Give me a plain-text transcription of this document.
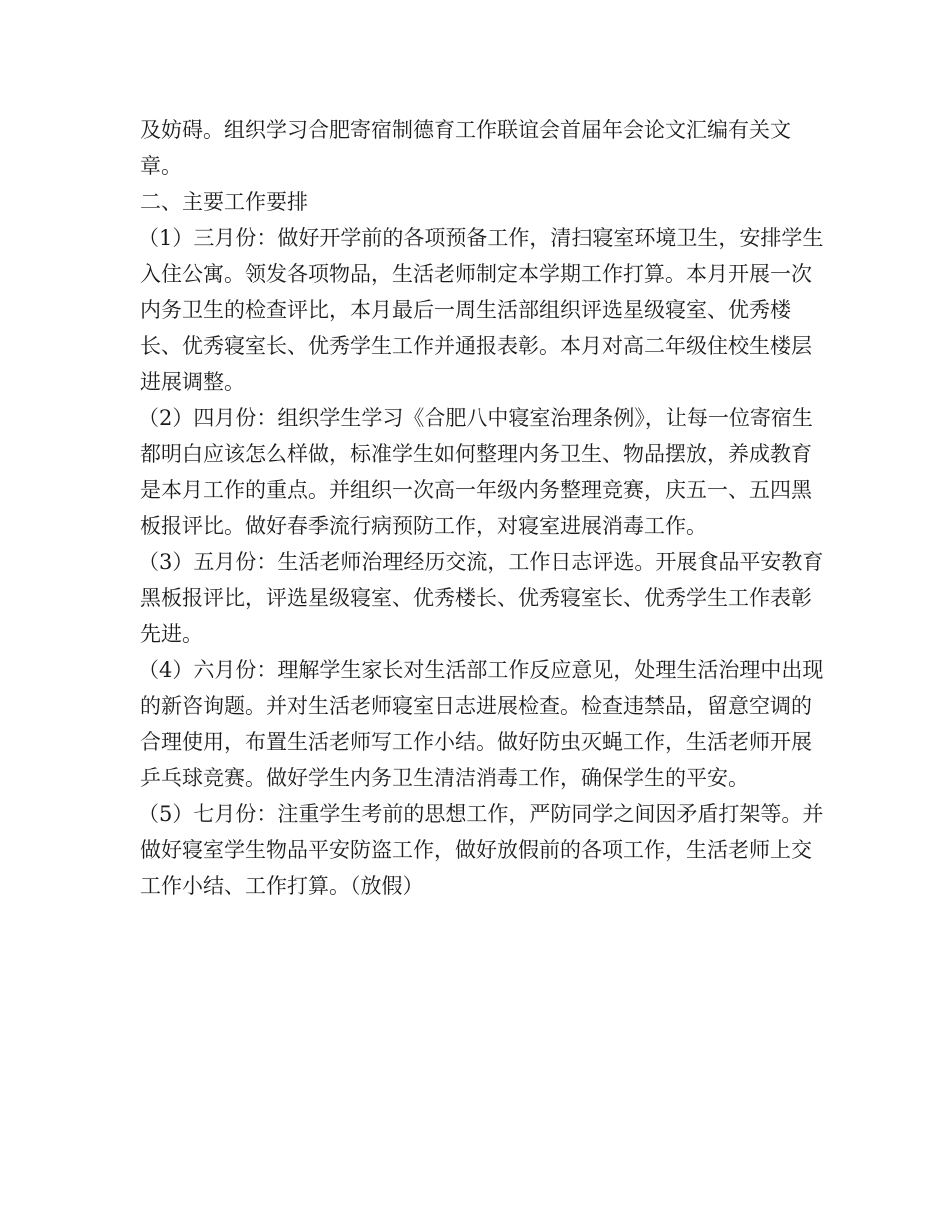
及妨碍。组织学习合肥寄宿制德育工作联谊会首届年会论文汇编有关文章。

二、主要工作要排

（1）三月份：做好开学前的各项预备工作，清扫寝室环境卫生，安排学生入住公寓。领发各项物品，生活老师制定本学期工作打算。本月开展一次内务卫生的检查评比，本月最后一周生活部组织评选星级寝室、优秀楼长、优秀寝室长、优秀学生工作并通报表彰。本月对高二年级住校生楼层进展调整。

（2）四月份：组织学生学习《合肥八中寝室治理条例》，让每一位寄宿生都明白应该怎么样做，标准学生如何整理内务卫生、物品摆放，养成教育是本月工作的重点。并组织一次高一年级内务整理竞赛，庆五一、五四黑板报评比。做好春季流行病预防工作，对寝室进展消毒工作。

（3）五月份：生活老师治理经历交流，工作日志评选。开展食品平安教育黑板报评比，评选星级寝室、优秀楼长、优秀寝室长、优秀学生工作表彰先进。

（4）六月份：理解学生家长对生活部工作反应意见，处理生活治理中出现的新咨询题。并对生活老师寝室日志进展检查。检查违禁品，留意空调的合理使用，布置生活老师写工作小结。做好防虫灭蝇工作，生活老师开展乒乓球竞赛。做好学生内务卫生清洁消毒工作，确保学生的平安。

（5）七月份：注重学生考前的思想工作，严防同学之间因矛盾打架等。并做好寝室学生物品平安防盗工作，做好放假前的各项工作，生活老师上交工作小结、工作打算。（放假）
